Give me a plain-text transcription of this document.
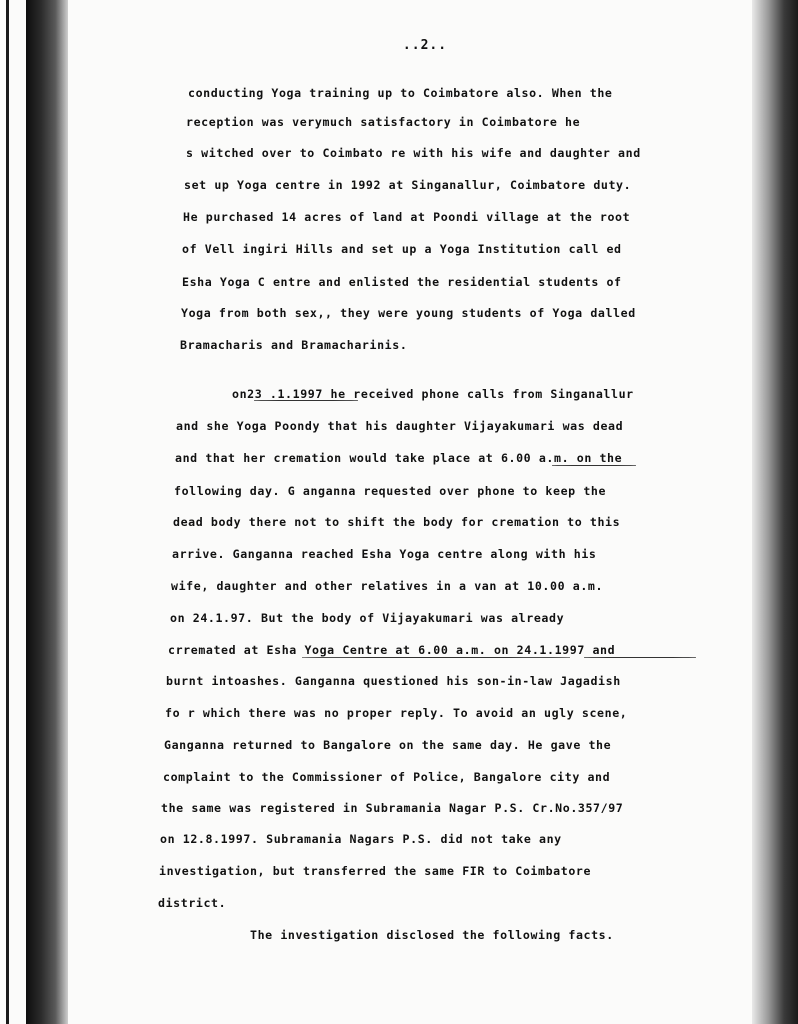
..2..
conducting Yoga training up to Coimbatore also. When the
reception was verymuch satisfactory in Coimbatore he
s witched over to Coimbato re with his wife and daughter and
set up Yoga centre in 1992 at Singanallur, Coimbatore duty.
He purchased 14 acres of land at Poondi village at the root
of Vell ingiri Hills and set up a Yoga Institution call ed
Esha Yoga C entre and enlisted the residential students of
Yoga from both sex,, they were young students of Yoga dalled
Bramacharis and Bramacharinis.
on23 .1.1997 he received phone calls from Singanallur
and she Yoga Poondy that his daughter Vijayakumari was dead
and that her cremation would take place at 6.00 a.m. on the
following day. G anganna requested over phone to keep the
dead body there not to shift the body for cremation to this
arrive. Ganganna reached Esha Yoga centre along with his
wife, daughter and other relatives in a van at 10.00 a.m.
on 24.1.97. But the body of Vijayakumari was already
crremated at Esha Yoga Centre at 6.00 a.m. on 24.1.1997 and
burnt intoashes. Ganganna questioned his son-in-law Jagadish
fo r which there was no proper reply. To avoid an ugly scene,
Ganganna returned to Bangalore on the same day. He gave the
complaint to the Commissioner of Police, Bangalore city and
the same was registered in Subramania Nagar P.S. Cr.No.357/97
on 12.8.1997. Subramania Nagars P.S. did not take any
investigation, but transferred the same FIR to Coimbatore
district.
The investigation disclosed the following facts.
